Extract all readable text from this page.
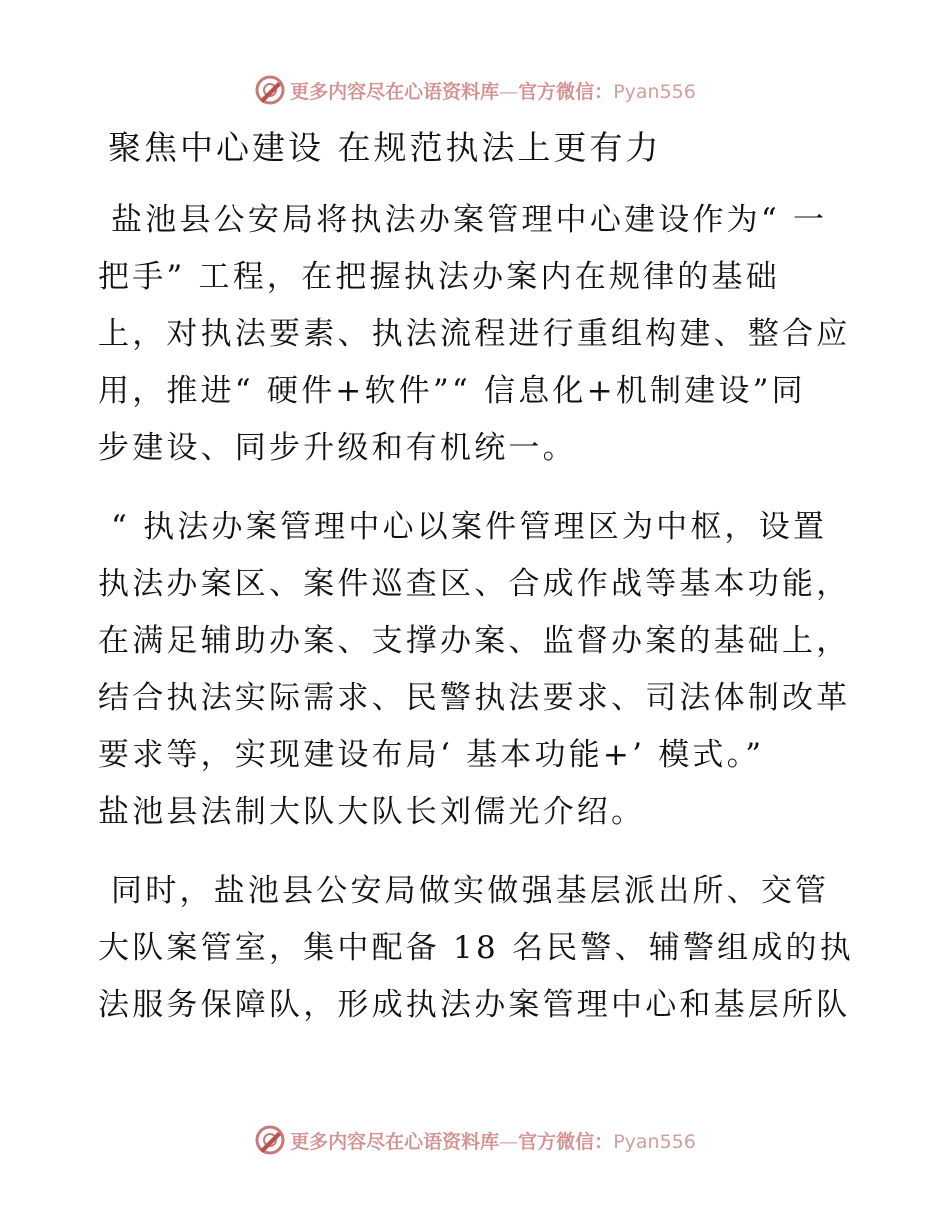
更多内容尽在心语资料库—官方微信：Pyan556
聚焦中心建设 在规范执法上更有力
盐池县公安局将执法办案管理中心建设作为“ 一
把手” 工程，在把握执法办案内在规律的基础
上，对执法要素、执法流程进行重组构建、整合应
用，推进“ 硬件+软件”“ 信息化+机制建设”同
步建设、同步升级和有机统一。
“ 执法办案管理中心以案件管理区为中枢，设置
执法办案区、案件巡查区、合成作战等基本功能，
在满足辅助办案、支撑办案、监督办案的基础上，
结合执法实际需求、民警执法要求、司法体制改革
要求等，实现建设布局‘ 基本功能+’ 模式。”
盐池县法制大队大队长刘儒光介绍。
同时，盐池县公安局做实做强基层派出所、交管
大队案管室，集中配备 18 名民警、辅警组成的执
法服务保障队，形成执法办案管理中心和基层所队
更多内容尽在心语资料库—官方微信：Pyan556
